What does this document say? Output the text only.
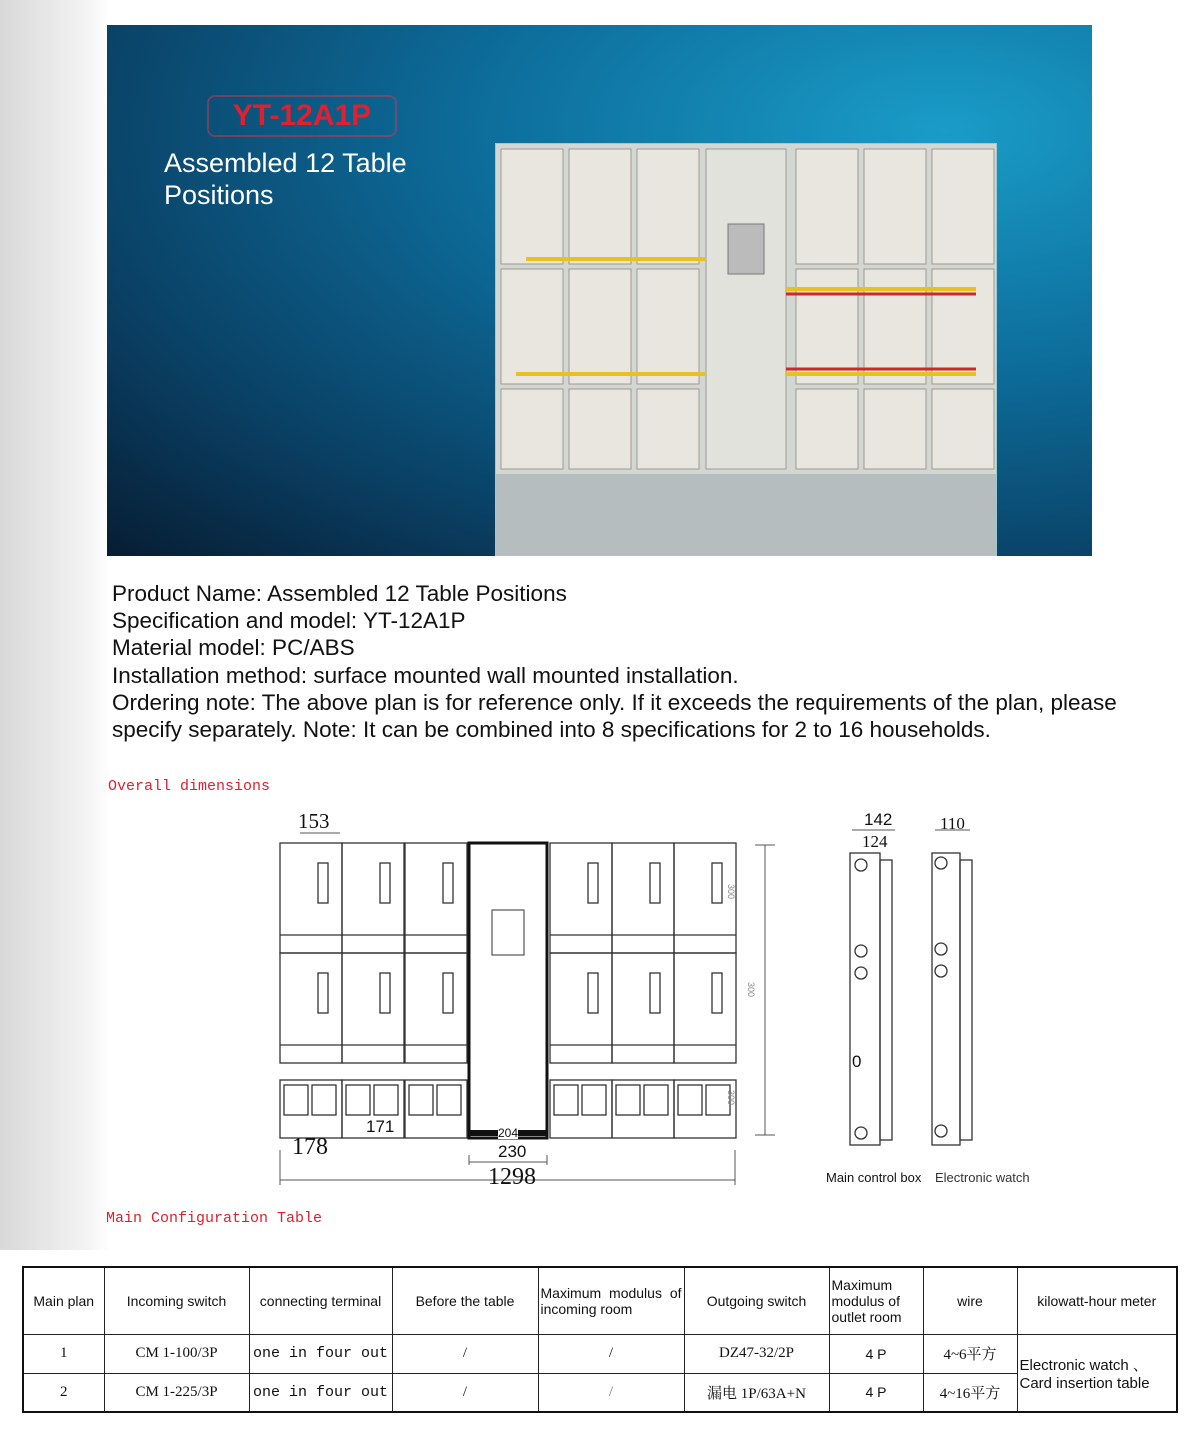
YT-12A1P
Assembled 12 Table Positions
Product Name: Assembled 12 Table Positions
Specification and model: YT-12A1P
Material model: PC/ABS
Installation method: surface mounted wall mounted installation.
Ordering note: The above plan is for reference only. If it exceeds the requirements of the plan, please specify separately. Note: It can be combined into 8 specifications for 2 to 16 households.
Overall dimensions
153
178
171	204
230
1298
300
300
300
142
124
110
0
Main control box Electronic watch
Main Configuration Table
Main plan	Incoming switch	connecting terminal	Before the table	Maximum modulus of incoming room	Outgoing switch	Maximum modulus of outlet room	wire	kilowatt-hour meter
1	CM 1-100/3P	one in four out	/	/	DZ47-32/2P	4 P	4~6平方	Electronic watch 、Card insertion table
2	CM 1-225/3P	one in four out	/	/	漏电 1P/63A+N	4 P	4~16平方	
